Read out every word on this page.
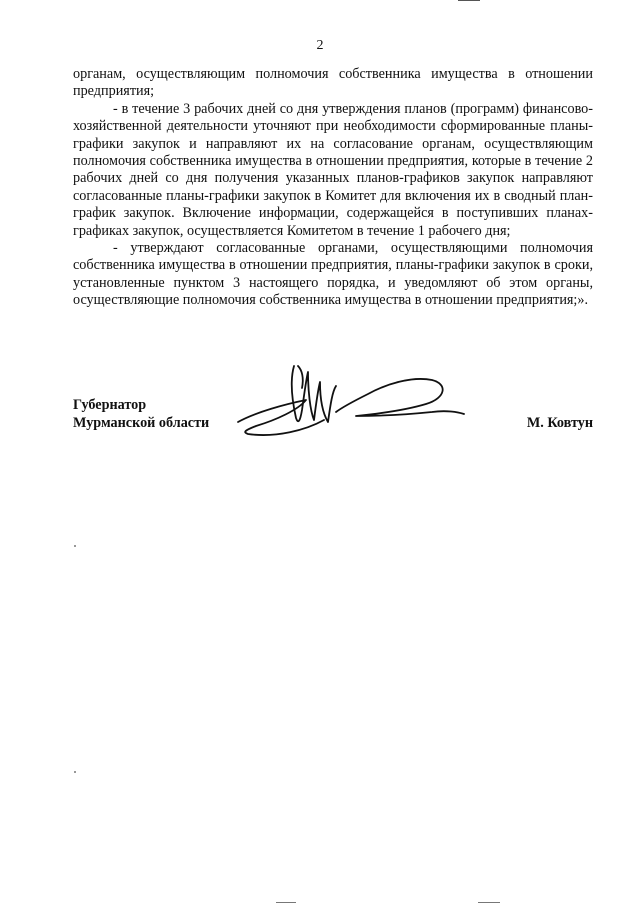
2

органам, осуществляющим полномочия собственника имущества в отношении предприятия;

- в течение 3 рабочих дней со дня утверждения планов (программ) финансово-хозяйственной деятельности уточняют при необходимости сформированные планы-графики закупок и направляют их на согласование органам, осуществляющим полномочия собственника имущества в отношении предприятия, которые в течение 2 рабочих дней со дня получения указанных планов-графиков закупок направляют согласованные планы-графики закупок в Комитет для включения их в сводный план-график закупок. Включение информации, содержащейся в поступивших планах-графиках закупок, осуществляется Комитетом в течение 1 рабочего дня;

- утверждают согласованные органами, осуществляющими полномочия собственника имущества в отношении предприятия, планы-графики закупок в сроки, установленные пунктом 3 настоящего порядка, и уведомляют об этом органы, осуществляющие полномочия собственника имущества в отношении предприятия;».

Губернатор
Мурманской области	М. Ковтун
